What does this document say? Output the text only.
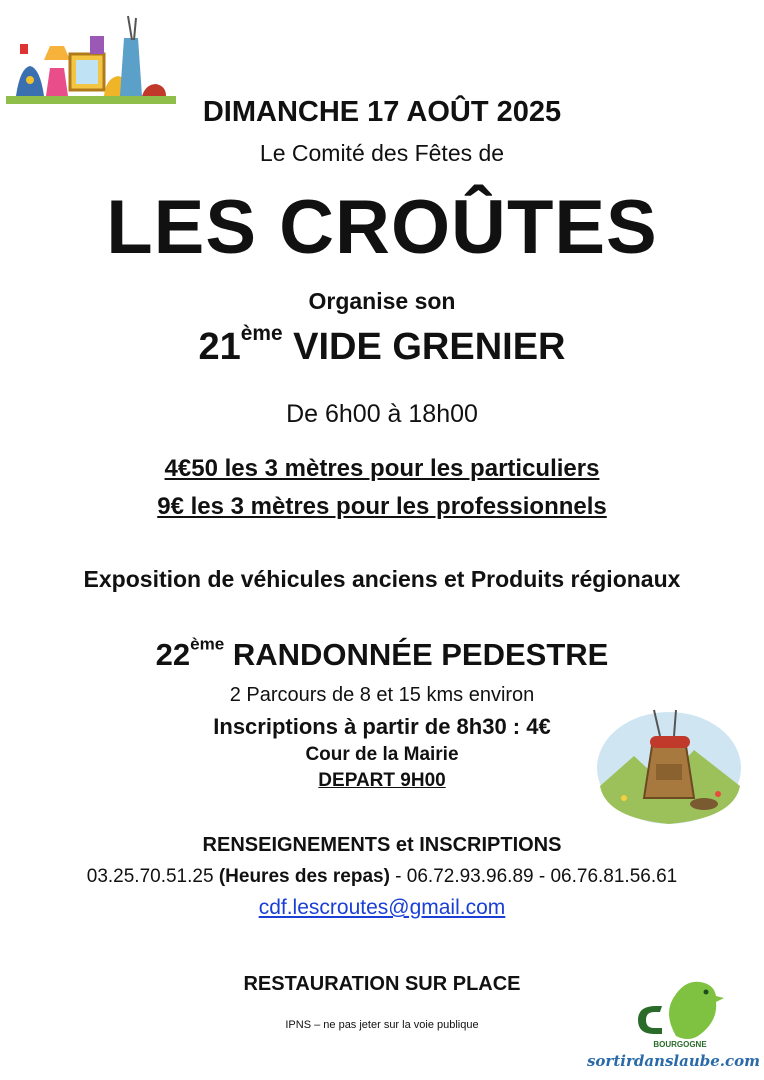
DIMANCHE 17 AOÛT 2025
Le Comité des Fêtes de
LES CROÛTES
Organise son
21ème VIDE GRENIER
De 6h00 à 18h00
4€50 les 3 mètres pour les particuliers
9€ les 3 mètres pour les professionnels
Exposition de véhicules anciens et Produits régionaux
22ème RANDONNÉE PEDESTRE
2 Parcours de 8 et 15 kms environ
Inscriptions à partir de 8h30 : 4€
Cour de la Mairie
DEPART 9H00
RENSEIGNEMENTS et INSCRIPTIONS
03.25.70.51.25 (Heures des repas) - 06.72.93.96.89 - 06.76.81.56.61
cdf.lescroutes@gmail.com
RESTAURATION SUR PLACE
IPNS – ne pas jeter sur la voie publique
BOURGOGNE
sortirdanslaube.com
